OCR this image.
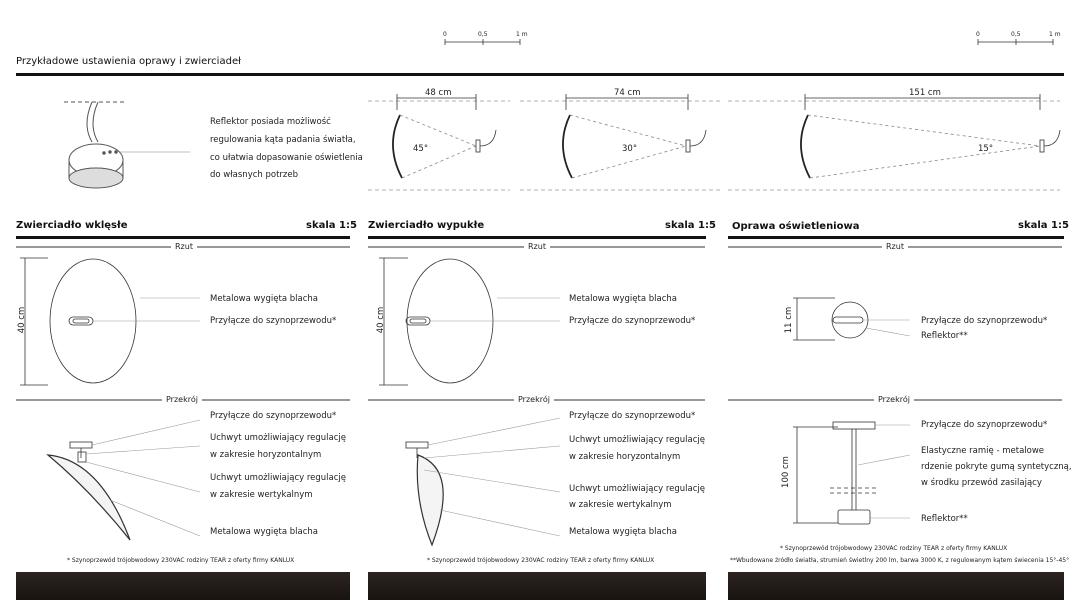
0	0,5	1 m	0	0,5	1 m
Przykładowe ustawienia oprawy i zwierciadeł
Reflektor posiada możliwość
regulowania kąta padania światła,
co ułatwia dopasowanie oświetlenia
do własnych potrzeb
48 cm
45°
74 cm
30°
151 cm
15°
Zwierciadło wklęsłe	skala 1:5
Rzut
Przekrój
40 cm
Metalowa wygięta blacha
Przyłącze do szynoprzewodu*
Przyłącze do szynoprzewodu*
Uchwyt umożliwiający regulację
w zakresie horyzontalnym
Uchwyt umożliwiający regulację
w zakresie wertykalnym
Metalowa wygięta blacha
* Szynoprzewód trójobwodowy 230VAC rodziny TEAR z oferty firmy KANLUX
Zwierciadło wypukłe	skala 1:5
Rzut
Przekrój
40 cm
Metalowa wygięta blacha
Przyłącze do szynoprzewodu*
Przyłącze do szynoprzewodu*
Uchwyt umożliwiający regulację
w zakresie horyzontalnym
Uchwyt umożliwiający regulację
w zakresie wertykalnym
Metalowa wygięta blacha
* Szynoprzewód trójobwodowy 230VAC rodziny TEAR z oferty firmy KANLUX
Oprawa oświetleniowa	skala 1:5
Rzut
Przekrój
11 cm
100 cm
Przyłącze do szynoprzewodu*
Reflektor**
Przyłącze do szynoprzewodu*
Elastyczne ramię - metalowe
rdzenie pokryte gumą syntetyczną,
w środku przewód zasilający
Reflektor**
* Szynoprzewód trójobwodowy 230VAC rodziny TEAR z oferty firmy KANLUX
**Wbudowane źródło światła, strumień świetlny 200 lm, barwa 3000 K, z regulowanym kątem świecenia 15°-45°
